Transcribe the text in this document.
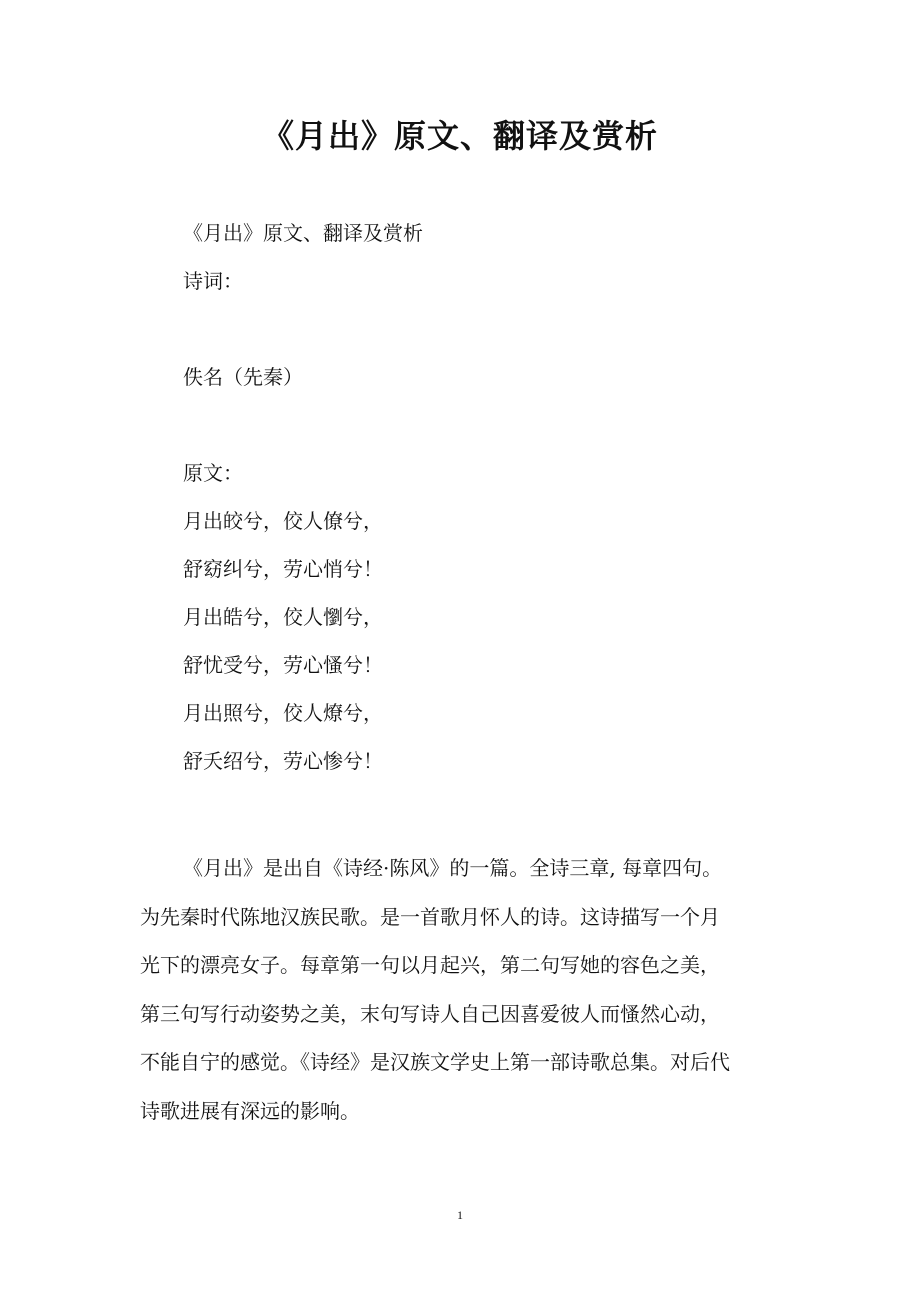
《月出》原文、翻译及赏析
《月出》原文、翻译及赏析
诗词：
佚名（先秦）
原文：
月出皎兮，佼人僚兮，
舒窈纠兮，劳心悄兮！
月出皓兮，佼人懰兮，
舒忧受兮，劳心慅兮！
月出照兮，佼人燎兮，
舒夭绍兮，劳心惨兮！
《月出》是出自《诗经·陈风》的一篇。全诗三章, 每章四句。
为先秦时代陈地汉族民歌。是一首歌月怀人的诗。这诗描写一个月
光下的漂亮女子。每章第一句以月起兴，第二句写她的容色之美，
第三句写行动姿势之美，末句写诗人自己因喜爱彼人而慅然心动，
不能自宁的感觉。《诗经》是汉族文学史上第一部诗歌总集。对后代
诗歌进展有深远的影响。
1
